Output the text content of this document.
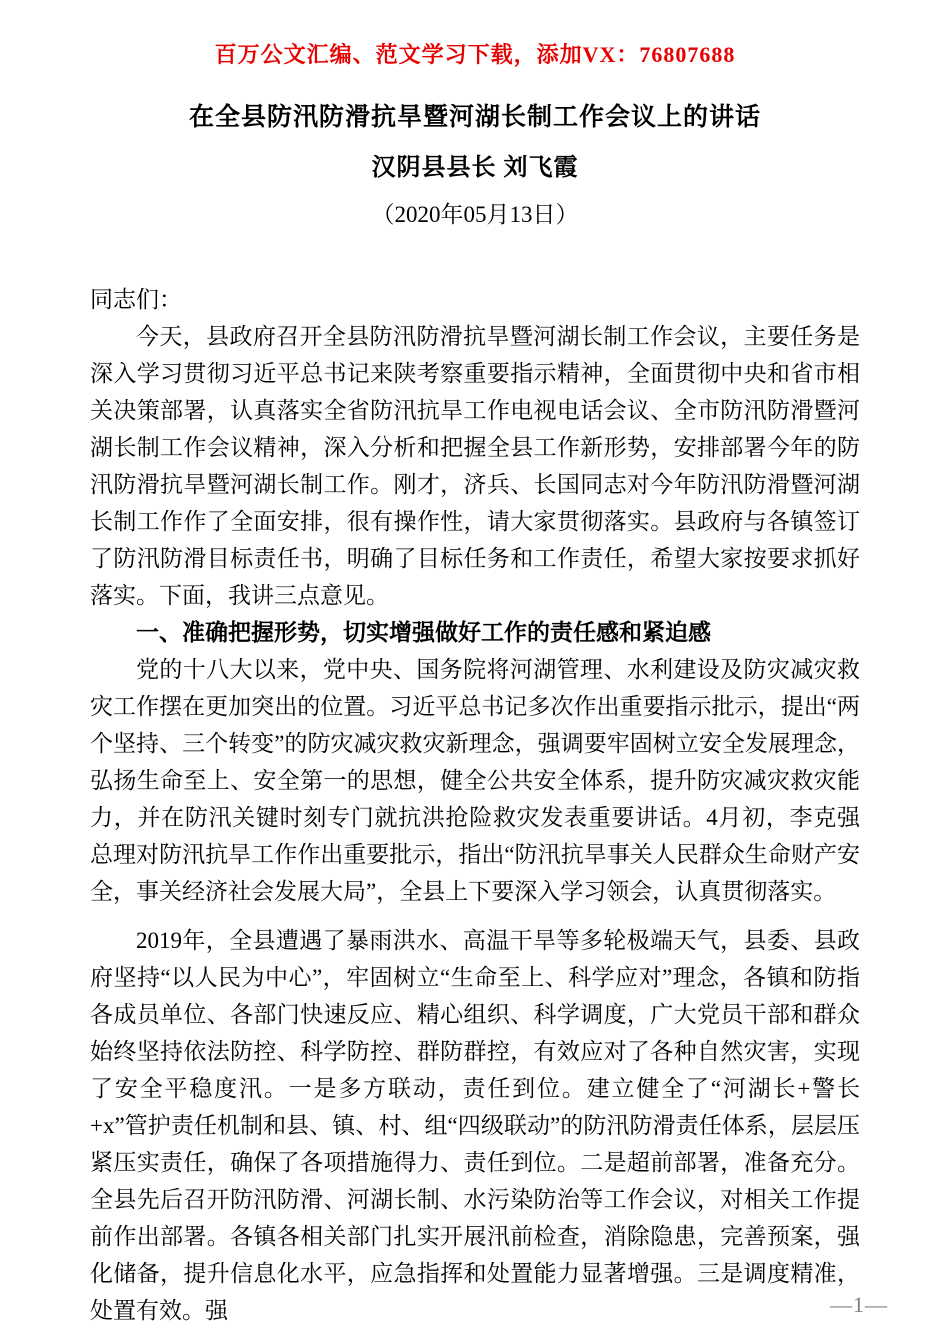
百万公文汇编、范文学习下载，添加VX：76807688
在全县防汛防滑抗旱暨河湖长制工作会议上的讲话
汉阴县县长 刘飞霞
（2020年05月13日）

同志们：

今天，县政府召开全县防汛防滑抗旱暨河湖长制工作会议，主要任务是深入学习贯彻习近平总书记来陕考察重要指示精神，全面贯彻中央和省市相关决策部署，认真落实全省防汛抗旱工作电视电话会议、全市防汛防滑暨河湖长制工作会议精神，深入分析和把握全县工作新形势，安排部署今年的防汛防滑抗旱暨河湖长制工作。刚才，济兵、长国同志对今年防汛防滑暨河湖长制工作作了全面安排，很有操作性，请大家贯彻落实。县政府与各镇签订了防汛防滑目标责任书，明确了目标任务和工作责任，希望大家按要求抓好落实。下面，我讲三点意见。

一、准确把握形势，切实增强做好工作的责任感和紧迫感

党的十八大以来，党中央、国务院将河湖管理、水利建设及防灾减灾救灾工作摆在更加突出的位置。习近平总书记多次作出重要指示批示，提出“两个坚持、三个转变”的防灾减灾救灾新理念，强调要牢固树立安全发展理念，弘扬生命至上、安全第一的思想，健全公共安全体系，提升防灾减灾救灾能力，并在防汛关键时刻专门就抗洪抢险救灾发表重要讲话。4月初，李克强总理对防汛抗旱工作作出重要批示，指出“防汛抗旱事关人民群众生命财产安全，事关经济社会发展大局”，全县上下要深入学习领会，认真贯彻落实。

2019年，全县遭遇了暴雨洪水、高温干旱等多轮极端天气，县委、县政府坚持“以人民为中心”，牢固树立“生命至上、科学应对”理念，各镇和防指各成员单位、各部门快速反应、精心组织、科学调度，广大党员干部和群众始终坚持依法防控、科学防控、群防群控，有效应对了各种自然灾害，实现了安全平稳度汛。一是多方联动，责任到位。建立健全了“河湖长+警长+x”管护责任机制和县、镇、村、组“四级联动”的防汛防滑责任体系，层层压紧压实责任，确保了各项措施得力、责任到位。二是超前部署，准备充分。全县先后召开防汛防滑、河湖长制、水污染防治等工作会议，对相关工作提前作出部署。各镇各相关部门扎实开展汛前检查，消除隐患，完善预案，强化储备，提升信息化水平，应急指挥和处置能力显著增强。三是调度精准，处置有效。强	—1—
